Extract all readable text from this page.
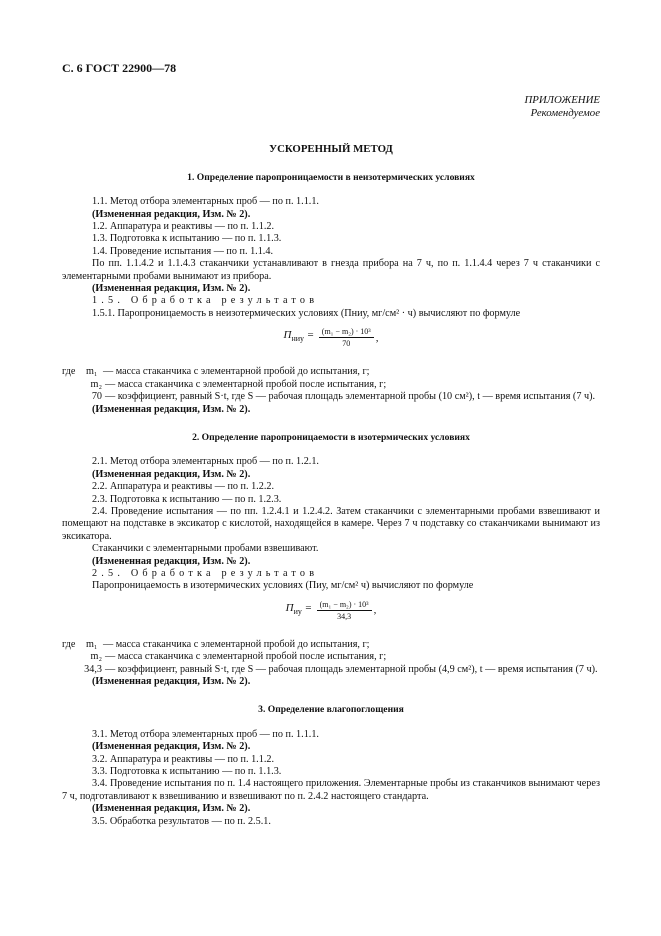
С. 6 ГОСТ 22900—78
ПРИЛОЖЕНИЕ
Рекомендуемое
УСКОРЕННЫЙ МЕТОД
1. Определение паропроницаемости в неизотермических условиях
1.1. Метод отбора элементарных проб — по п. 1.1.1.
(Измененная редакция, Изм. № 2).
1.2. Аппаратура и реактивы — по п. 1.1.2.
1.3. Подготовка к испытанию — по п. 1.1.3.
1.4. Проведение испытания — по п. 1.1.4.
По пп. 1.1.4.2 и 1.1.4.3 стаканчики устанавливают в гнезда прибора на 7 ч, по п. 1.1.4.4 через 7 ч стаканчики с элементарными пробами вынимают из прибора.
(Измененная редакция, Изм. № 2).
1.5. Обработка результатов
1.5.1. Паропроницаемость в неизотермических условиях (Пниу, мг/см² · ч) вычисляют по формуле
$П_{ниу} = \frac{\text{(m₁ − m₂) · 10³}}{70}$ ,
где	m₁ — масса стаканчика с элементарной пробой до испытания, г;
m₂ — масса стаканчика с элементарной пробой после испытания, г;
70 — коэффициент, равный S·t, где S — рабочая площадь элементарной пробы (10 см²), t — время испытания (7 ч).
(Измененная редакция, Изм. № 2).
2. Определение паропроницаемости в изотермических условиях
2.1. Метод отбора элементарных проб — по п. 1.2.1.
(Измененная редакция, Изм. № 2).
2.2. Аппаратура и реактивы — по п. 1.2.2.
2.3. Подготовка к испытанию — по п. 1.2.3.
2.4. Проведение испытания — по пп. 1.2.4.1 и 1.2.4.2. Затем стаканчики с элементарными пробами взвешивают и помещают на подставке в эксикатор с кислотой, находящейся в камере. Через 7 ч подставку со стаканчиками вынимают из эксикатора.
Стаканчики с элементарными пробами взвешивают.
(Измененная редакция, Изм. № 2).
2.5. Обработка результатов
Паропроницаемость в изотермических условиях (Пиу, мг/см² ч) вычисляют по формуле
$П_{иу} = \frac{\text{(m₁ − m₂) · 10³}}{34,3}$ ,
где	m₁ — масса стаканчика с элементарной пробой до испытания, г;
m₂ — масса стаканчика с элементарной пробой после испытания, г;
34,3 — коэффициент, равный S·t, где S — рабочая площадь элементарной пробы (4,9 см²), t — время испытания (7 ч).
(Измененная редакция, Изм. № 2).
3. Определение влагопоглощения
3.1. Метод отбора элементарных проб — по п. 1.1.1.
(Измененная редакция, Изм. № 2).
3.2. Аппаратура и реактивы — по п. 1.1.2.
3.3. Подготовка к испытанию — по п. 1.1.3.
3.4. Проведение испытания по п. 1.4 настоящего приложения. Элементарные пробы из стаканчиков вынимают через 7 ч, подготавливают к взвешиванию и взвешивают по п. 2.4.2 настоящего стандарта.
(Измененная редакция, Изм. № 2).
3.5. Обработка результатов — по п. 2.5.1.
